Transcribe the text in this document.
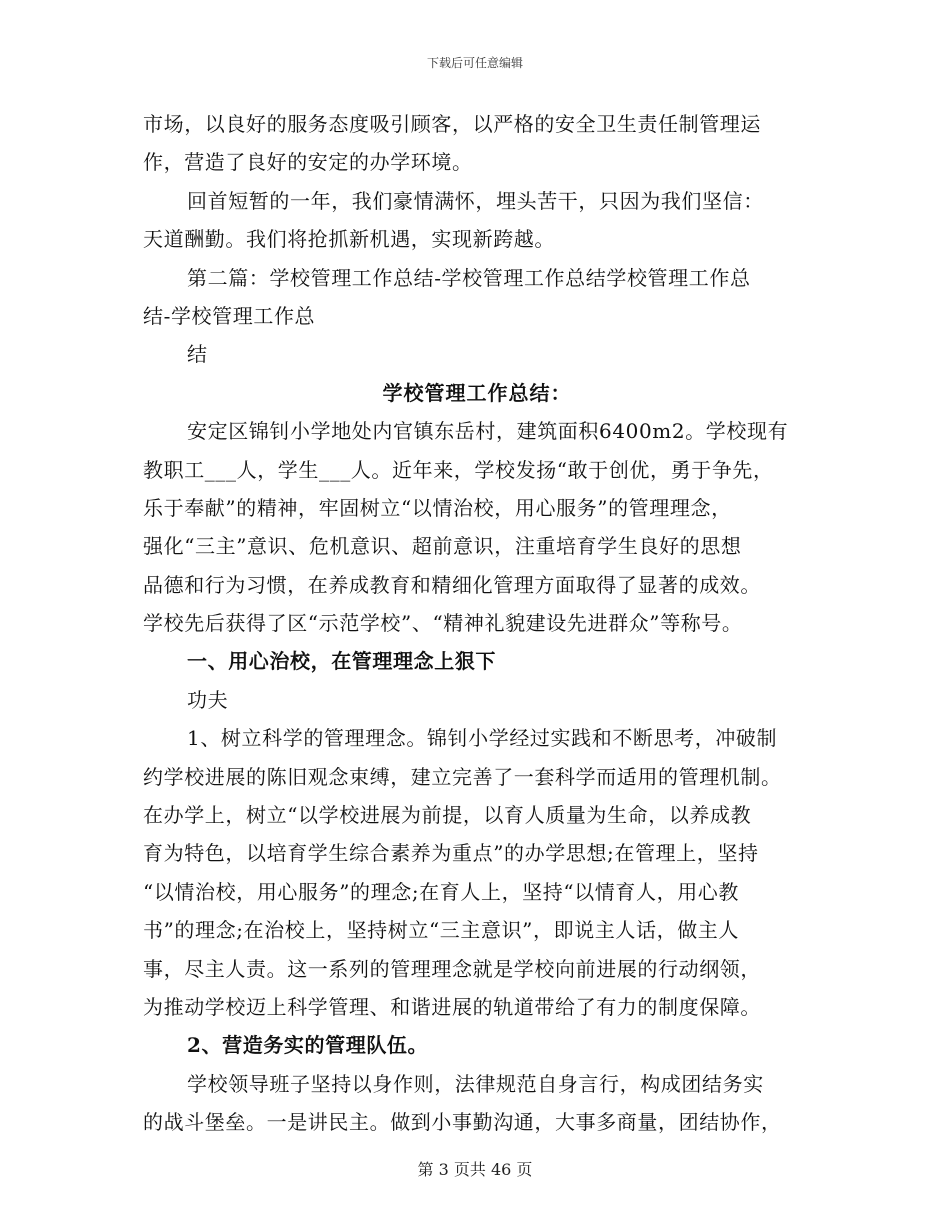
下载后可任意编辑
市场，以良好的服务态度吸引顾客，以严格的安全卫生责任制管理运
作，营造了良好的安定的办学环境。
回首短暂的一年，我们豪情满怀，埋头苦干，只因为我们坚信：
天道酬勤。我们将抢抓新机遇，实现新跨越。
第二篇：学校管理工作总结-学校管理工作总结学校管理工作总
结-学校管理工作总
结
学校管理工作总结：
安定区锦钊小学地处内官镇东岳村，建筑面积6400m2。学校现有
教职工___人，学生___人。近年来，学校发扬“敢于创优，勇于争先，
乐于奉献”的精神，牢固树立“以情治校，用心服务”的管理理念，
强化“三主”意识、危机意识、超前意识，注重培育学生良好的思想
品德和行为习惯，在养成教育和精细化管理方面取得了显著的成效。
学校先后获得了区“示范学校”、“精神礼貌建设先进群众”等称号。
一、用心治校，在管理理念上狠下
功夫
1、树立科学的管理理念。锦钊小学经过实践和不断思考，冲破制
约学校进展的陈旧观念束缚，建立完善了一套科学而适用的管理机制。
在办学上，树立“以学校进展为前提，以育人质量为生命，以养成教
育为特色，以培育学生综合素养为重点”的办学思想;在管理上，坚持
“以情治校，用心服务”的理念;在育人上，坚持“以情育人，用心教
书”的理念;在治校上，坚持树立“三主意识”，即说主人话，做主人
事，尽主人责。这一系列的管理理念就是学校向前进展的行动纲领，
为推动学校迈上科学管理、和谐进展的轨道带给了有力的制度保障。
2、营造务实的管理队伍。
学校领导班子坚持以身作则，法律规范自身言行，构成团结务实
的战斗堡垒。一是讲民主。做到小事勤沟通，大事多商量，团结协作，
第 3 页共 46 页
